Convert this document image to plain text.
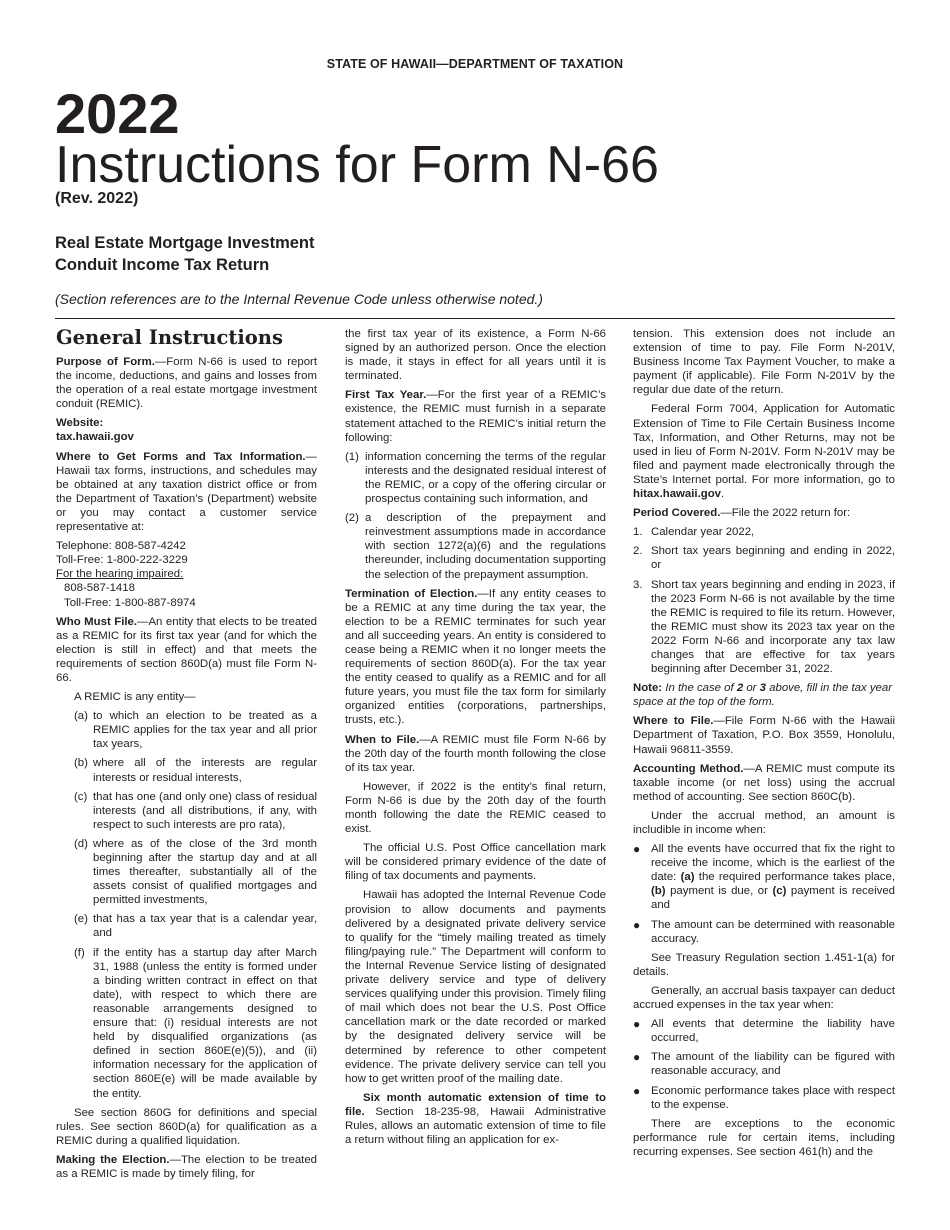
STATE OF HAWAII—DEPARTMENT OF TAXATION
2022
Instructions for Form N-66
(Rev. 2022)
Real Estate Mortgage Investment
Conduit Income Tax Return
(Section references are to the Internal Revenue Code unless otherwise noted.)
General Instructions

Purpose of Form.—Form N-66 is used to report the income, deductions, and gains and losses from the operation of a real estate mortgage investment conduit (REMIC).

Website:
tax.hawaii.gov

Where to Get Forms and Tax Information.—Hawaii tax forms, instructions, and schedules may be obtained at any taxation district office or from the Department of Taxation’s (Department) website or you may contact a customer service representative at:

Telephone: 808-587-4242
Toll-Free: 1-800-222-3229
For the hearing impaired:
808-587-1418
Toll-Free: 1-800-887-8974

Who Must File.—An entity that elects to be treated as a REMIC for its first tax year (and for which the election is still in effect) and that meets the requirements of section 860D(a) must file Form N-66.

A REMIC is any entity—

(a) to which an election to be treated as a REMIC applies for the tax year and all prior tax years,
(b) where all of the interests are regular interests or residual interests,
(c) that has one (and only one) class of residual interests (and all distributions, if any, with respect to such interests are pro rata),
(d) where as of the close of the 3rd month beginning after the startup day and at all times thereafter, substantially all of the assets consist of qualified mortgages and permitted investments,
(e) that has a tax year that is a calendar year, and
(f) if the entity has a startup day after March 31, 1988 (unless the entity is formed under a binding written contract in effect on that date), with respect to which there are reasonable arrangements designed to ensure that: (i) residual interests are not held by disqualified organizations (as defined in section 860E(e)(5)), and (ii) information necessary for the application of section 860E(e) will be made available by the entity.

See section 860G for definitions and special rules. See section 860D(a) for qualification as a REMIC during a qualified liquidation.

Making the Election.—The election to be treated as a REMIC is made by timely filing, for

the first tax year of its existence, a Form N-66 signed by an authorized person. Once the election is made, it stays in effect for all years until it is terminated.

First Tax Year.—For the first year of a REMIC’s existence, the REMIC must furnish in a separate statement attached to the REMIC’s initial return the following:

(1) information concerning the terms of the regular interests and the designated residual interest of the REMIC, or a copy of the offering circular or prospectus containing such information, and
(2) a description of the prepayment and reinvestment assumptions made in accordance with section 1272(a)(6) and the regulations thereunder, including documentation supporting the selection of the prepayment assumption.

Termination of Election.—If any entity ceases to be a REMIC at any time during the tax year, the election to be a REMIC terminates for such year and all succeeding years. An entity is considered to cease being a REMIC when it no longer meets the requirements of section 860D(a). For the tax year the entity ceased to qualify as a REMIC and for all future years, you must file the tax form for similarly organized entities (corporations, partnerships, trusts, etc.).

When to File.—A REMIC must file Form N-66 by the 20th day of the fourth month following the close of its tax year.

However, if 2022 is the entity’s final return, Form N-66 is due by the 20th day of the fourth month following the date the REMIC ceased to exist.

The official U.S. Post Office cancellation mark will be considered primary evidence of the date of filing of tax documents and payments.

Hawaii has adopted the Internal Revenue Code provision to allow documents and payments delivered by a designated private delivery service to qualify for the “timely mailing treated as timely filing/paying rule.” The Department will conform to the Internal Revenue Service listing of designated private delivery service and type of delivery services qualifying under this provision. Timely filing of mail which does not bear the U.S. Post Office cancellation mark or the date recorded or marked by the designated delivery service will be determined by reference to other competent evidence. The private delivery service can tell you how to get written proof of the mailing date.

Six month automatic extension of time to file. Section 18-235-98, Hawaii Administrative Rules, allows an automatic extension of time to file a return without filing an application for ex-

tension. This extension does not include an extension of time to pay. File Form N-201V, Business Income Tax Payment Voucher, to make a payment (if applicable). File Form N-201V by the regular due date of the return.

Federal Form 7004, Application for Automatic Extension of Time to File Certain Business Income Tax, Information, and Other Returns, may not be used in lieu of Form N-201V. Form N-201V may be filed and payment made electronically through the State’s Internet portal. For more information, go to hitax.hawaii.gov.

Period Covered.—File the 2022 return for:

1. Calendar year 2022,
2. Short tax years beginning and ending in 2022, or
3. Short tax years beginning and ending in 2023, if the 2023 Form N-66 is not available by the time the REMIC is required to file its return. However, the REMIC must show its 2023 tax year on the 2022 Form N-66 and incorporate any tax law changes that are effective for tax years beginning after December 31, 2022.

Note: In the case of 2 or 3 above, fill in the tax year space at the top of the form.

Where to File.—File Form N-66 with the Hawaii Department of Taxation, P.O. Box 3559, Honolulu, Hawaii 96811-3559.

Accounting Method.—A REMIC must compute its taxable income (or net loss) using the accrual method of accounting. See section 860C(b).

Under the accrual method, an amount is includible in income when:

● All the events have occurred that fix the right to receive the income, which is the earliest of the date: (a) the required performance takes place, (b) payment is due, or (c) payment is received and
● The amount can be determined with reasonable accuracy.

See Treasury Regulation section 1.451-1(a) for details.

Generally, an accrual basis taxpayer can deduct accrued expenses in the tax year when:

● All events that determine the liability have occurred,
● The amount of the liability can be figured with reasonable accuracy, and
● Economic performance takes place with respect to the expense.

There are exceptions to the economic performance rule for certain items, including recurring expenses. See section 461(h) and the
